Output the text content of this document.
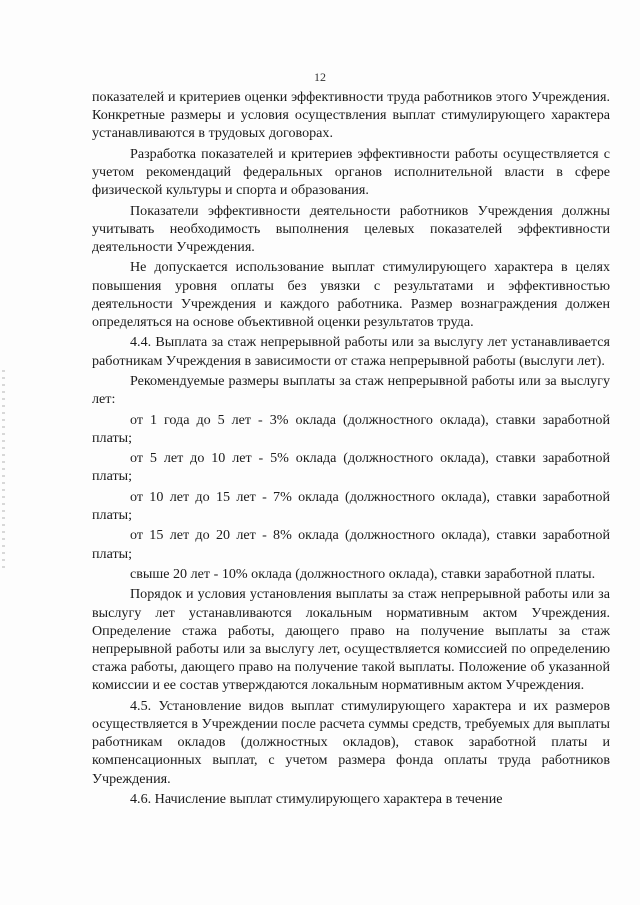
12

показателей и критериев оценки эффективности труда работников этого Учреждения. Конкретные размеры и условия осуществления выплат стимулирующего характера устанавливаются в трудовых договорах.

Разработка показателей и критериев эффективности работы осуществляется с учетом рекомендаций федеральных органов исполнительной власти в сфере физической культуры и спорта и образования.

Показатели эффективности деятельности работников Учреждения должны учитывать необходимость выполнения целевых показателей эффективности деятельности Учреждения.

Не допускается использование выплат стимулирующего характера в целях повышения уровня оплаты без увязки с результатами и эффективностью деятельности Учреждения и каждого работника. Размер вознаграждения должен определяться на основе объективной оценки результатов труда.

4.4. Выплата за стаж непрерывной работы или за выслугу лет устанавливается работникам Учреждения в зависимости от стажа непрерывной работы (выслуги лет).

Рекомендуемые размеры выплаты за стаж непрерывной работы или за выслугу лет:

от 1 года до 5 лет - 3% оклада (должностного оклада), ставки заработной платы;

от 5 лет до 10 лет - 5% оклада (должностного оклада), ставки заработной платы;

от 10 лет до 15 лет - 7% оклада (должностного оклада), ставки заработной платы;

от 15 лет до 20 лет - 8% оклада (должностного оклада), ставки заработной платы;

свыше 20 лет - 10% оклада (должностного оклада), ставки заработной платы.

Порядок и условия установления выплаты за стаж непрерывной работы или за выслугу лет устанавливаются локальным нормативным актом Учреждения. Определение стажа работы, дающего право на получение выплаты за стаж непрерывной работы или за выслугу лет, осуществляется комиссией по определению стажа работы, дающего право на получение такой выплаты. Положение об указанной комиссии и ее состав утверждаются локальным нормативным актом Учреждения.

4.5. Установление видов выплат стимулирующего характера и их размеров осуществляется в Учреждении после расчета суммы средств, требуемых для выплаты работникам окладов (должностных окладов), ставок заработной платы и компенсационных выплат, с учетом размера фонда оплаты труда работников Учреждения.

4.6. Начисление выплат стимулирующего характера в течение
